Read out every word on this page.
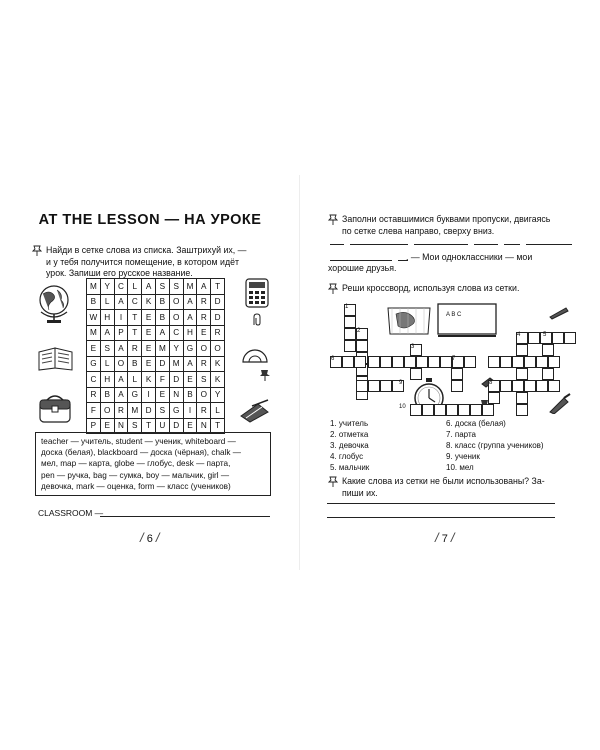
AT THE LESSON — НА УРОКЕ
Найди в сетке слова из списка. Заштрихуй их, —
и у тебя получится помещение, в котором идёт
урок. Запиши его русское название.
M	Y	C	L	A	S	S	M	A	T
B	L	A	C	K	B	O	A	R	D
W	H	I	T	E	B	O	A	R	D
M	A	P	T	E	A	C	H	E	R
E	S	A	R	E	M	Y	G	O	O
G	L	O	B	E	D	M	A	R	K
C	H	A	L	K	F	D	E	S	K
R	B	A	G	I	E	N	B	O	Y
F	O	R	M	D	S	G	I	R	L
P	E	N	S	T	U	D	E	N	T
teacher — учитель, student — ученик, whiteboard —
доска (белая), blackboard — доска (чёрная), chalk —
мел, map — карта, globe — глобус, desk — парта,
pen — ручка, bag — сумка, boy — мальчик, girl —
девочка, mark — оценка, form — класс (учеников)
CLASSROOM —
/ 6 /
Заполни оставшимися буквами пропуски, двигаясь
по сетке слева направо, сверху вниз.
. — Мои одноклассники — мои
хорошие друзья.
Реши кроссворд, используя слова из сетки.
A B C
1. учитель
2. отметка
3. девочка
4. глобус
5. мальчик
6. доска (белая)
7. парта
8. класс (группа учеников)
9. ученик
10. мел
Какие слова из сетки не были использованы? За-
пиши их.
/ 7 /
1
2
3
4	5
6	7
8
9
10
